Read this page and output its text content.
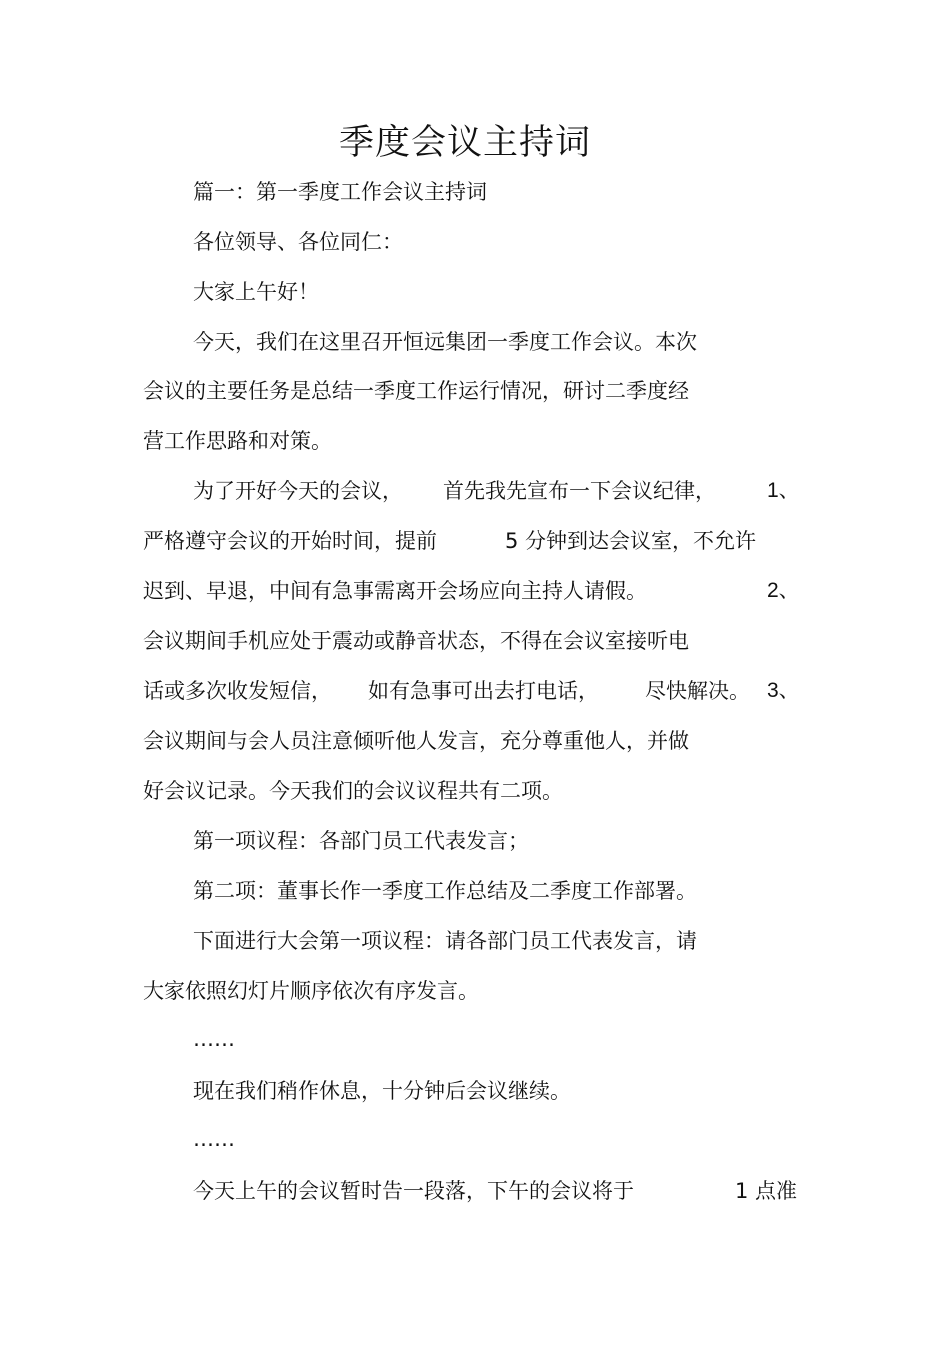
季度会议主持词
篇一：第一季度工作会议主持词
各位领导、各位同仁：
大家上午好！
今天，我们在这里召开恒远集团一季度工作会议。本次
会议的主要任务是总结一季度工作运行情况，研讨二季度经
营工作思路和对策。
为了开好今天的会议， 首先我先宣布一下会议纪律， 1、
严格遵守会议的开始时间，提前	5 分钟到达会议室，不允许
迟到、早退，中间有急事需离开会场应向主持人请假。	2、
会议期间手机应处于震动或静音状态，不得在会议室接听电
话或多次收发短信， 如有急事可出去打电话， 尽快解决。 3、
会议期间与会人员注意倾听他人发言，充分尊重他人，并做
好会议记录。今天我们的会议议程共有二项。
第一项议程：各部门员工代表发言；
第二项：董事长作一季度工作总结及二季度工作部署。
下面进行大会第一项议程：请各部门员工代表发言，请
大家依照幻灯片顺序依次有序发言。
……
现在我们稍作休息，十分钟后会议继续。
……
今天上午的会议暂时告一段落，下午的会议将于	1 点准
